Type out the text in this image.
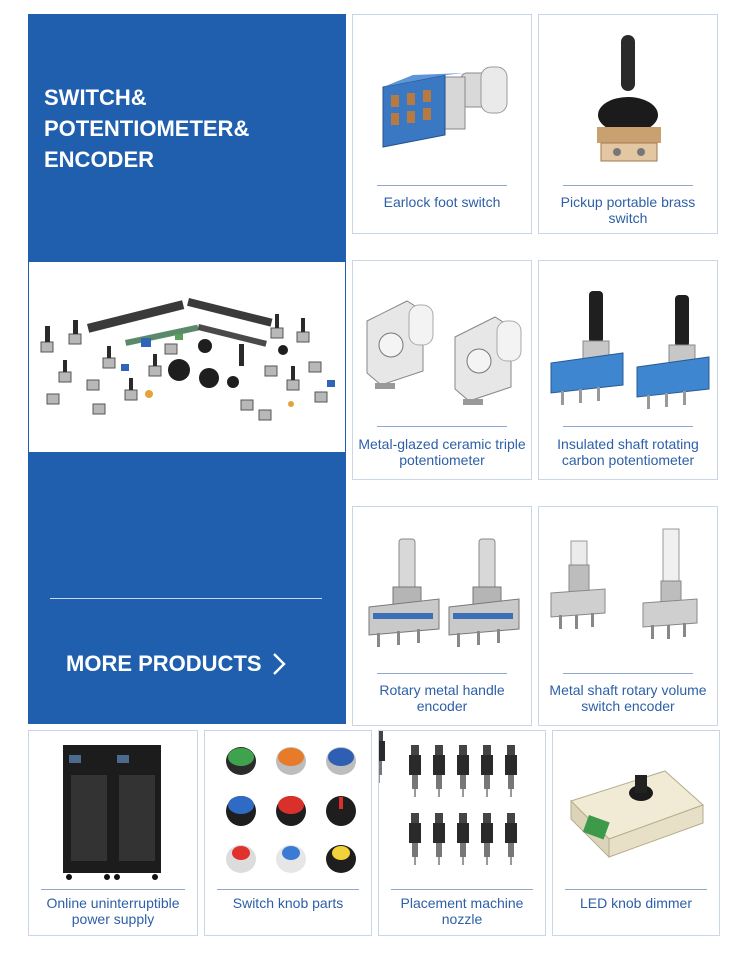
SWITCH&
POTENTIOMETER&
ENCODER
MORE PRODUCTS
Earlock foot switch	Pickup portable brass switch
Metal-glazed ceramic triple potentiometer
Insulated shaft rotating carbon potentiometer
Rotary metal handle encoder
Metal shaft rotary volume switch encoder
Online uninterruptible power supply
Switch knob parts	Placement machine nozzle
LED knob dimmer
